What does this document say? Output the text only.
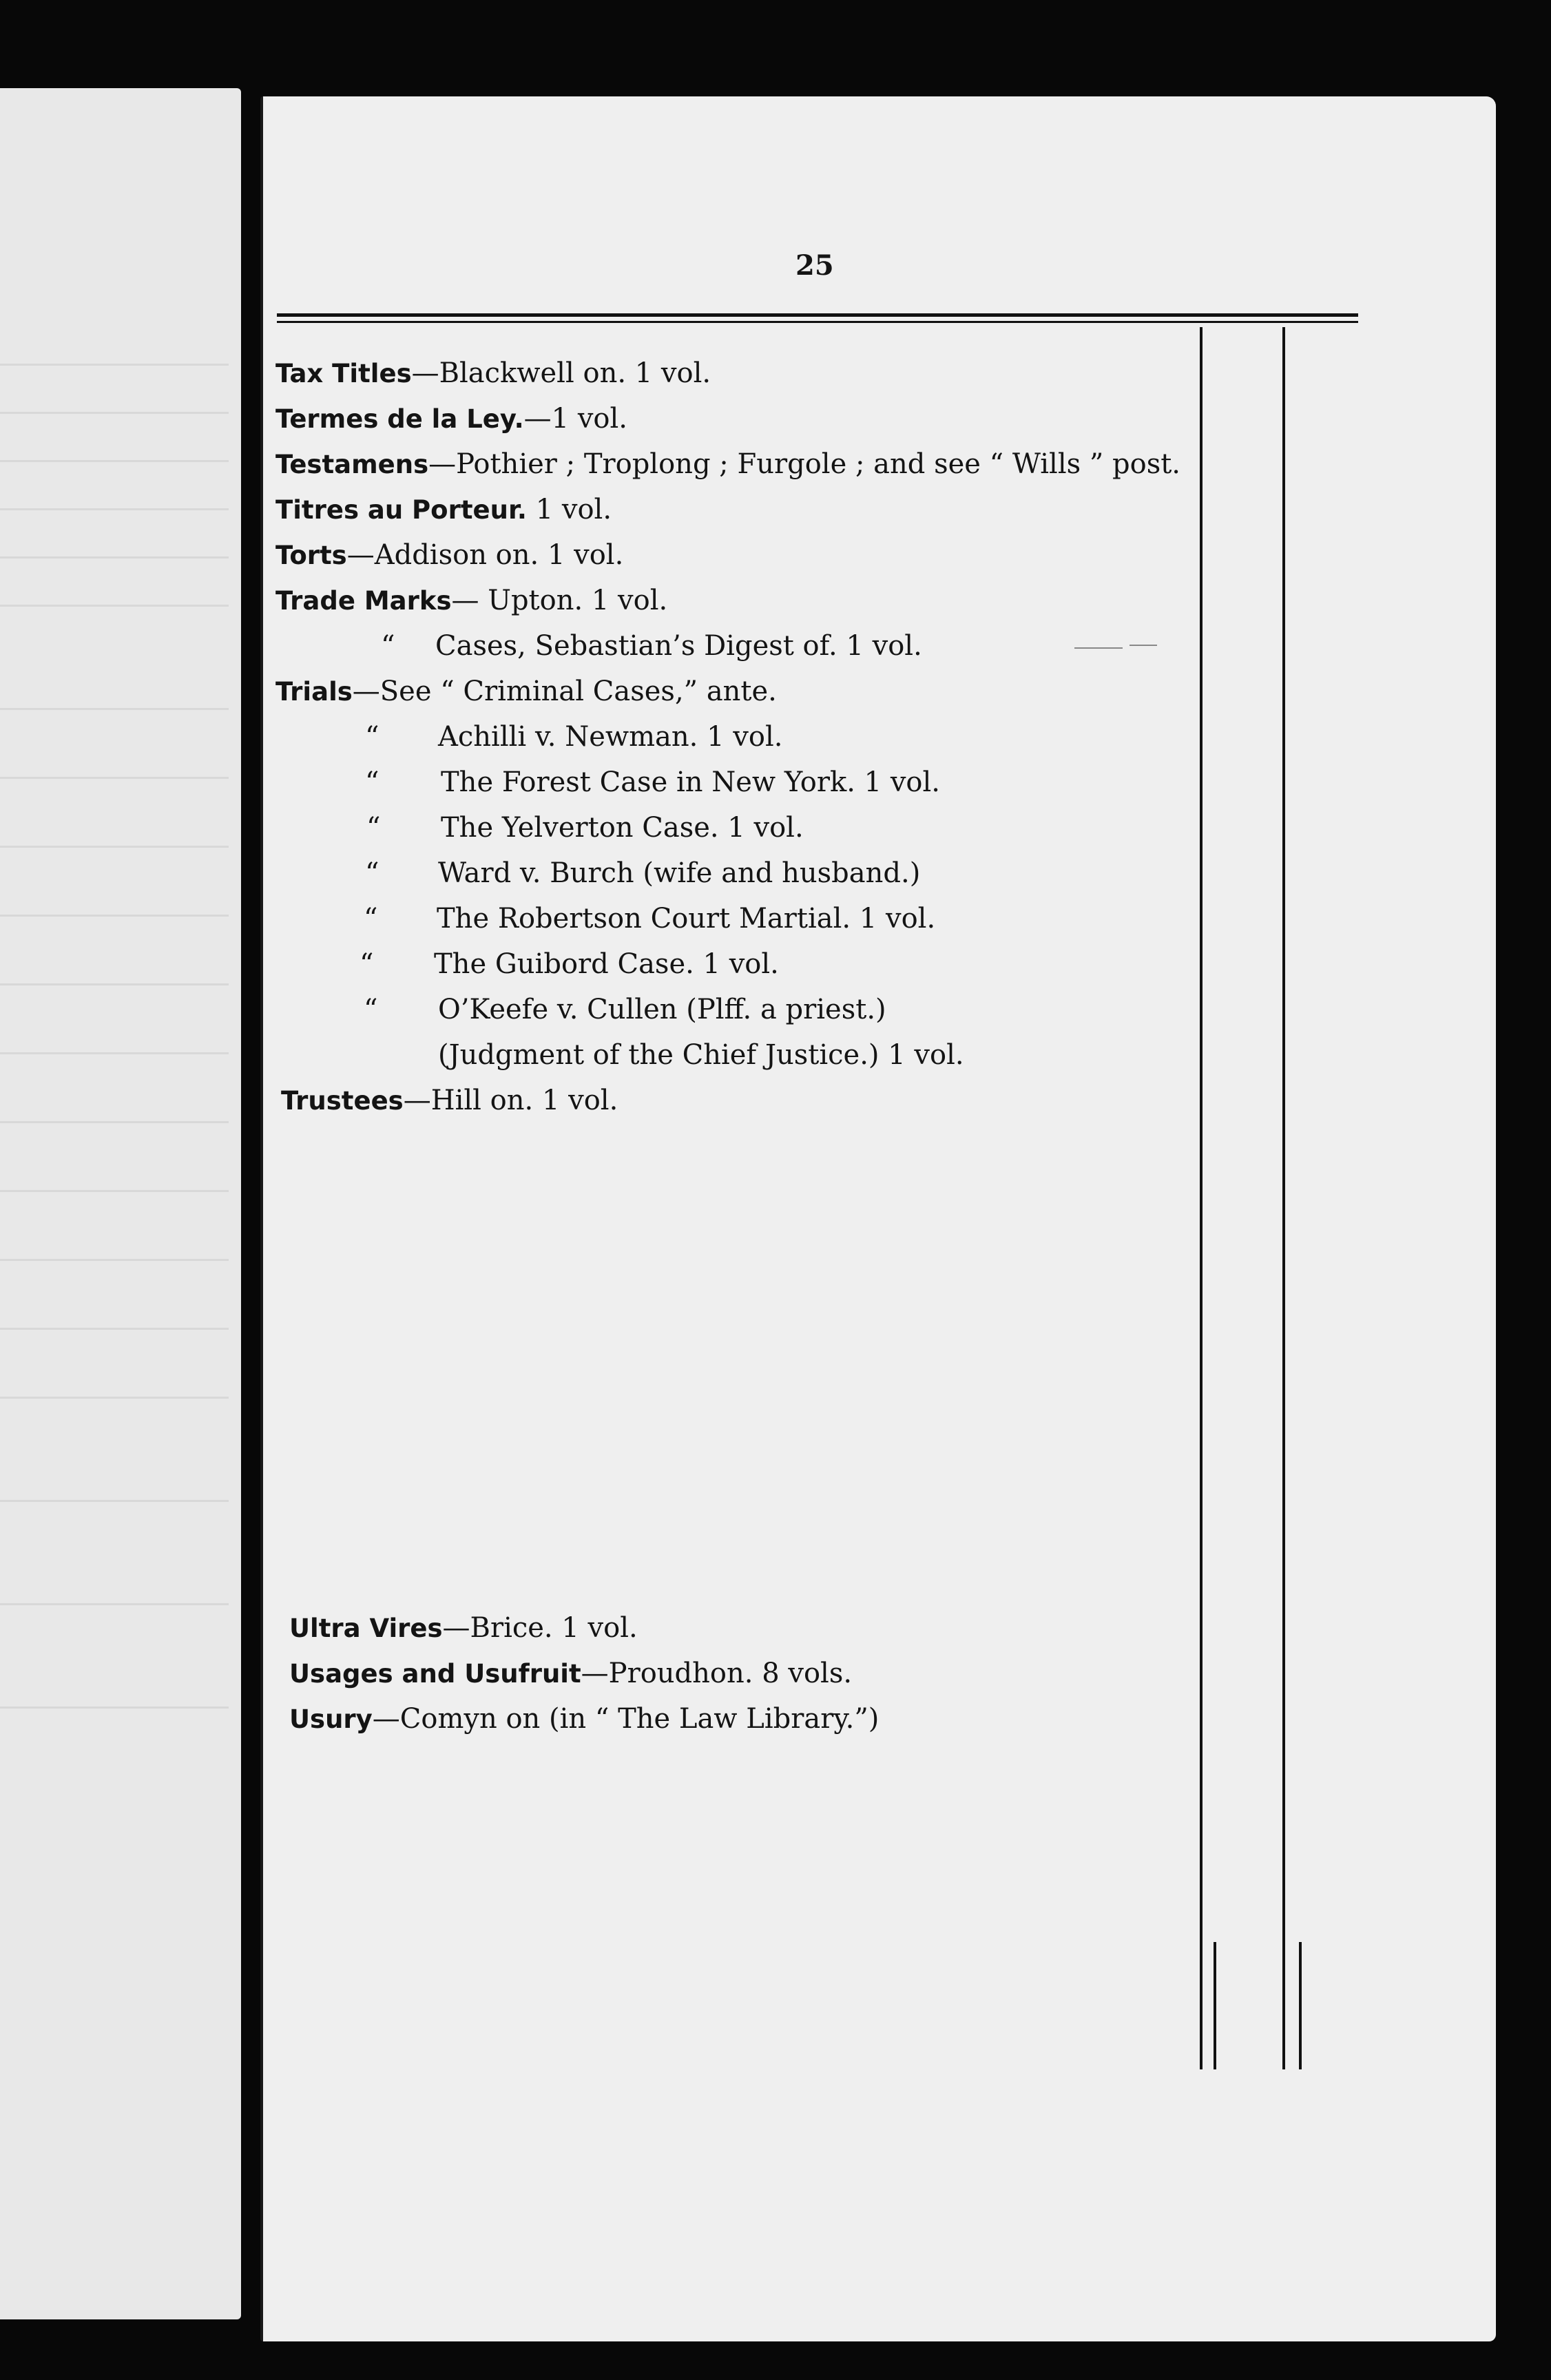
25
Tax Titles—Blackwell on. 1 vol.
Termes de la Ley.—1 vol.
Testamens—Pothier ; Troplong ; Furgole ; and see “ Wills ” post.
Titres au Porteur. 1 vol.
Torts—Addison on. 1 vol.
Trade Marks— Upton. 1 vol.
“ Cases, Sebastian’s Digest of. 1 vol.
Trials—See “ Criminal Cases,” ante.
“ Achilli v. Newman. 1 vol.
“ The Forest Case in New York. 1 vol.
“ The Yelverton Case. 1 vol.
“ Ward v. Burch (wife and husband.)
“ The Robertson Court Martial. 1 vol.
“ The Guibord Case. 1 vol.
“ O’Keefe v. Cullen (Plff. a priest.)
(Judgment of the Chief Justice.) 1 vol.
Trustees—Hill on. 1 vol.
Ultra Vires—Brice. 1 vol.
Usages and Usufruit—Proudhon. 8 vols.
Usury—Comyn on (in “ The Law Library.”)
